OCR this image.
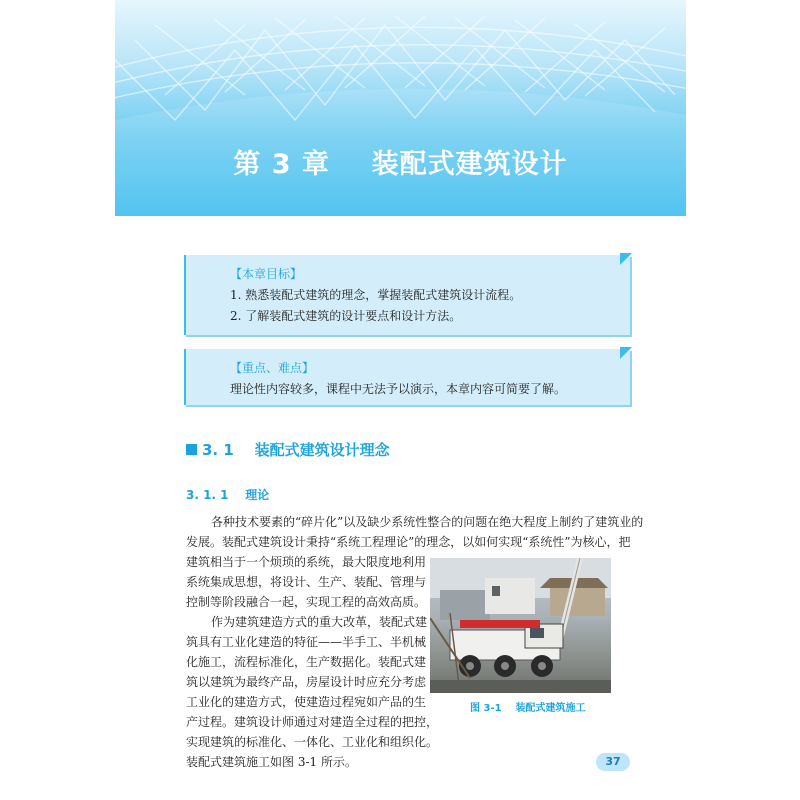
第 3 章    装配式建筑设计
【本章目标】
1. 熟悉装配式建筑的理念，掌握装配式建筑设计流程。
2. 了解装配式建筑的设计要点和设计方法。
【重点、难点】
理论性内容较多，课程中无法予以演示，本章内容可简要了解。
3. 1    装配式建筑设计理念
3. 1. 1    理论
各种技术要素的“碎片化”以及缺少系统性整合的问题在绝大程度上制约了建筑业的
发展。装配式建筑设计秉持“系统工程理论”的理念，以如何实现“系统性”为核心，把
建筑相当于一个烦琐的系统，最大限度地利用
系统集成思想，将设计、生产、装配、管理与
控制等阶段融合一起，实现工程的高效高质。
作为建筑建造方式的重大改革，装配式建
筑具有工业化建造的特征——半手工、半机械
化施工，流程标准化，生产数据化。装配式建
筑以建筑为最终产品，房屋设计时应充分考虑
工业化的建造方式，使建造过程宛如产品的生
产过程。建筑设计师通过对建造全过程的把控，
实现建筑的标准化、一体化、工业化和组织化。
装配式建筑施工如图 3-1 所示。
图 3-1    装配式建筑施工
37
